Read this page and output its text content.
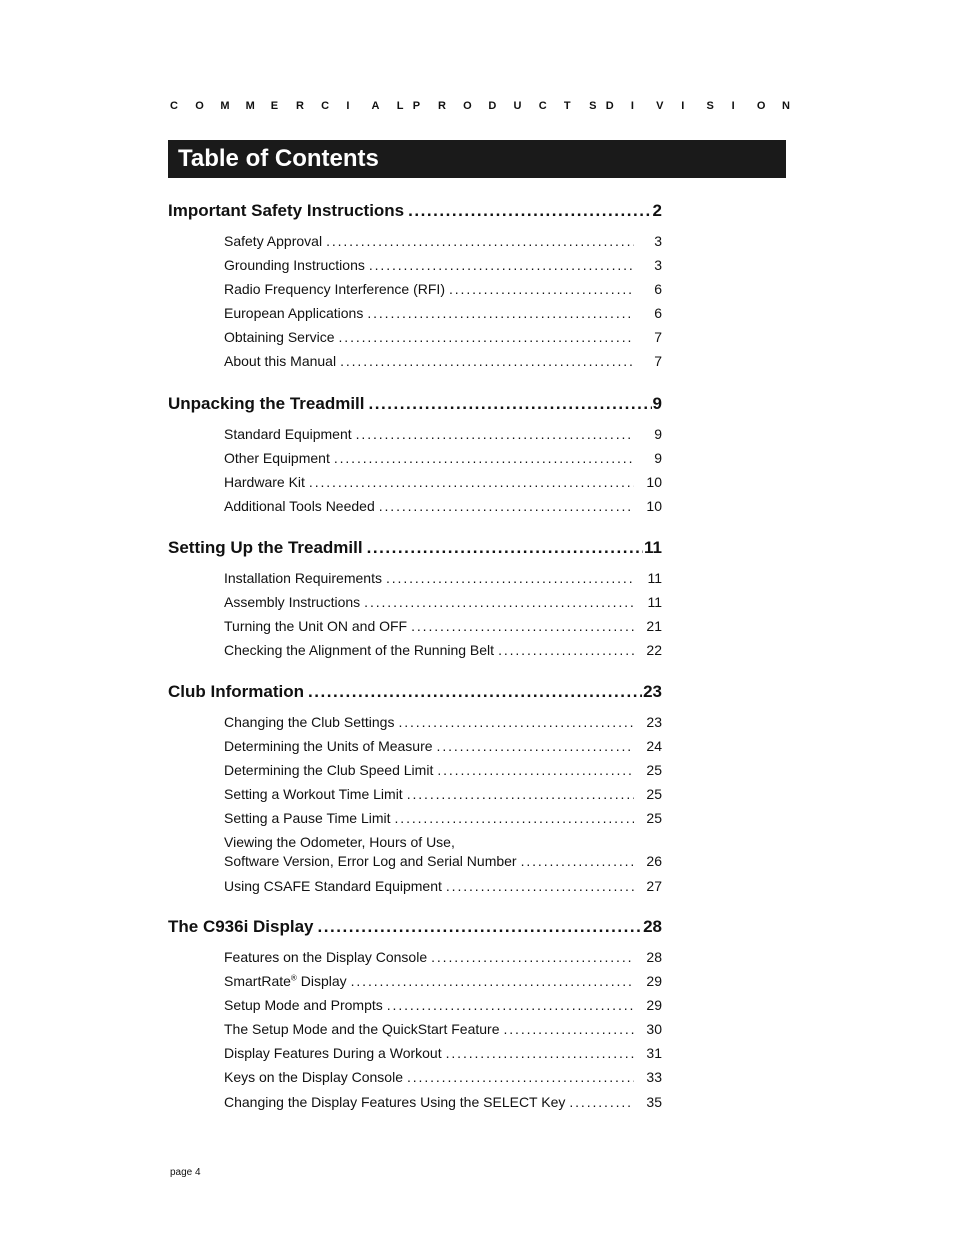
C	O	M	M	E	R	C	I	A	L P	R	O	D	U	C	T	S D	I	V	I	S	I	O	N
Table of Contents
Important Safety Instructions . . .	2
Safety Approval . . .	3
Grounding Instructions . . .	3
Radio Frequency Interference (RFI) . . .	6
European Applications . . .	6
Obtaining Service . . .	7
About this Manual . . .	7
Unpacking the Treadmill . . .	9
Standard Equipment . . .	9
Other Equipment . . .	9
Hardware Kit . . .	10
Additional Tools Needed . . .	10
Setting Up the Treadmill . . .	11
Installation Requirements . . .	11
Assembly Instructions . . .	11
Turning the Unit ON and OFF . . .	21
Checking the Alignment of the Running Belt . . .	22
Club Information . . .	23
Changing the Club Settings . . .	23
Determining the Units of Measure . . .	24
Determining the Club Speed Limit . . .	25
Setting a Workout Time Limit . . .	25
Setting a Pause Time Limit . . .	25
Viewing the Odometer, Hours of Use,
Software Version, Error Log and Serial Number . . .	26
Using CSAFE Standard Equipment . . .	27
The C936i Display . . .	28
Features on the Display Console . . .	28
SmartRate® Display . . .	29
Setup Mode and Prompts . . .	29
The Setup Mode and the QuickStart Feature . . .	30
Display Features During a Workout . . .	31
Keys on the Display Console . . .	33
Changing the Display Features Using the SELECT Key . . .	35
page 4
